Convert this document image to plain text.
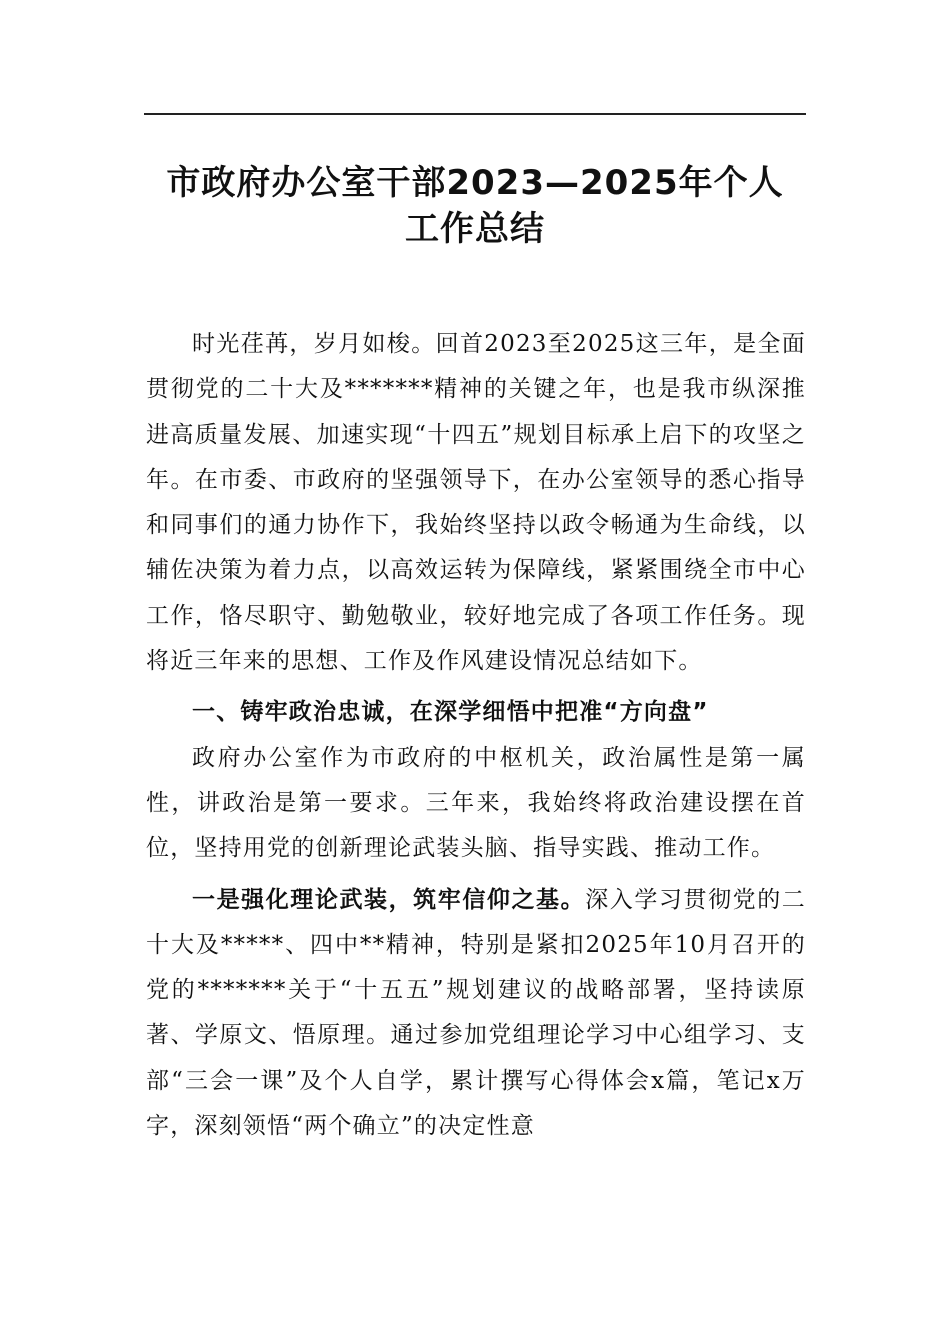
市政府办公室干部2023—2025年个人
工作总结

时光荏苒，岁月如梭。回首2023至2025这三年，是全面贯彻党的二十大及*******精神的关键之年，也是我市纵深推进高质量发展、加速实现“十四五”规划目标承上启下的攻坚之年。在市委、市政府的坚强领导下，在办公室领导的悉心指导和同事们的通力协作下，我始终坚持以政令畅通为生命线，以辅佐决策为着力点，以高效运转为保障线，紧紧围绕全市中心工作，恪尽职守、勤勉敬业，较好地完成了各项工作任务。现将近三年来的思想、工作及作风建设情况总结如下。

一、铸牢政治忠诚，在深学细悟中把准“方向盘”

政府办公室作为市政府的中枢机关，政治属性是第一属性，讲政治是第一要求。三年来，我始终将政治建设摆在首位，坚持用党的创新理论武装头脑、指导实践、推动工作。

一是强化理论武装，筑牢信仰之基。深入学习贯彻党的二十大及*****、四中**精神，特别是紧扣2025年10月召开的党的*******关于“十五五”规划建议的战略部署，坚持读原著、学原文、悟原理。通过参加党组理论学习中心组学习、支部“三会一课”及个人自学，累计撰写心得体会x篇，笔记x万字，深刻领悟“两个确立”的决定性意
